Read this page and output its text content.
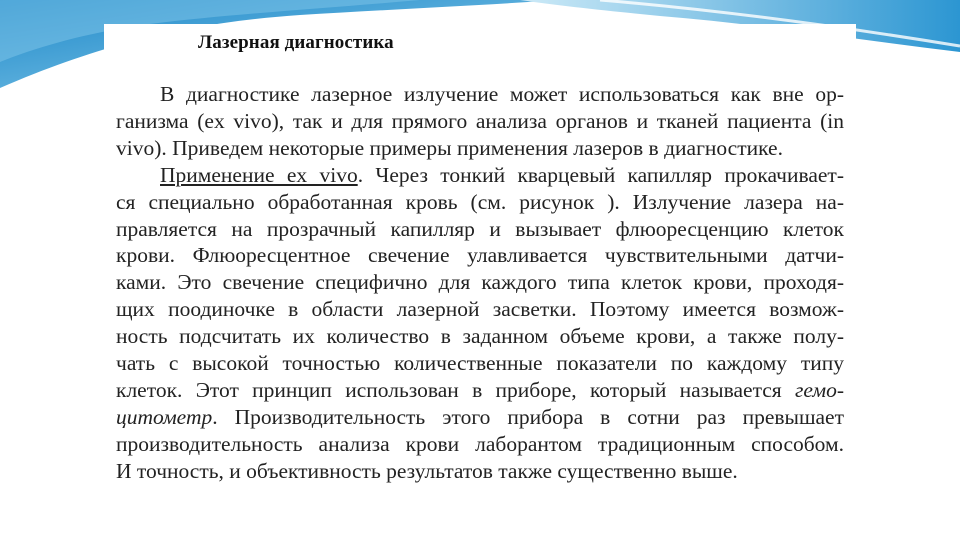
Лазерная диагностика
В диагностике лазерное излучение может использоваться как вне ор-
ганизма (ex vivo), так и для прямого анализа органов и тканей пациента (in
vivo). Приведем некоторые примеры применения лазеров в диагностике.
Применение ex vivo. Через тонкий кварцевый капилляр прокачивает-
ся специально обработанная кровь (см. рисунок ). Излучение лазера на-
правляется на прозрачный капилляр и вызывает флюоресценцию клеток
крови. Флюоресцентное свечение улавливается чувствительными датчи-
ками. Это свечение специфично для каждого типа клеток крови, проходя-
щих поодиночке в области лазерной засветки. Поэтому имеется возмож-
ность подсчитать их количество в заданном объеме крови, а также полу-
чать с высокой точностью количественные показатели по каждому типу
клеток. Этот принцип использован в приборе, который называется гемо-
цитометр. Производительность этого прибора в сотни раз превышает
производительность анализа крови лаборантом традиционным способом.
И точность, и объективность результатов также существенно выше.
